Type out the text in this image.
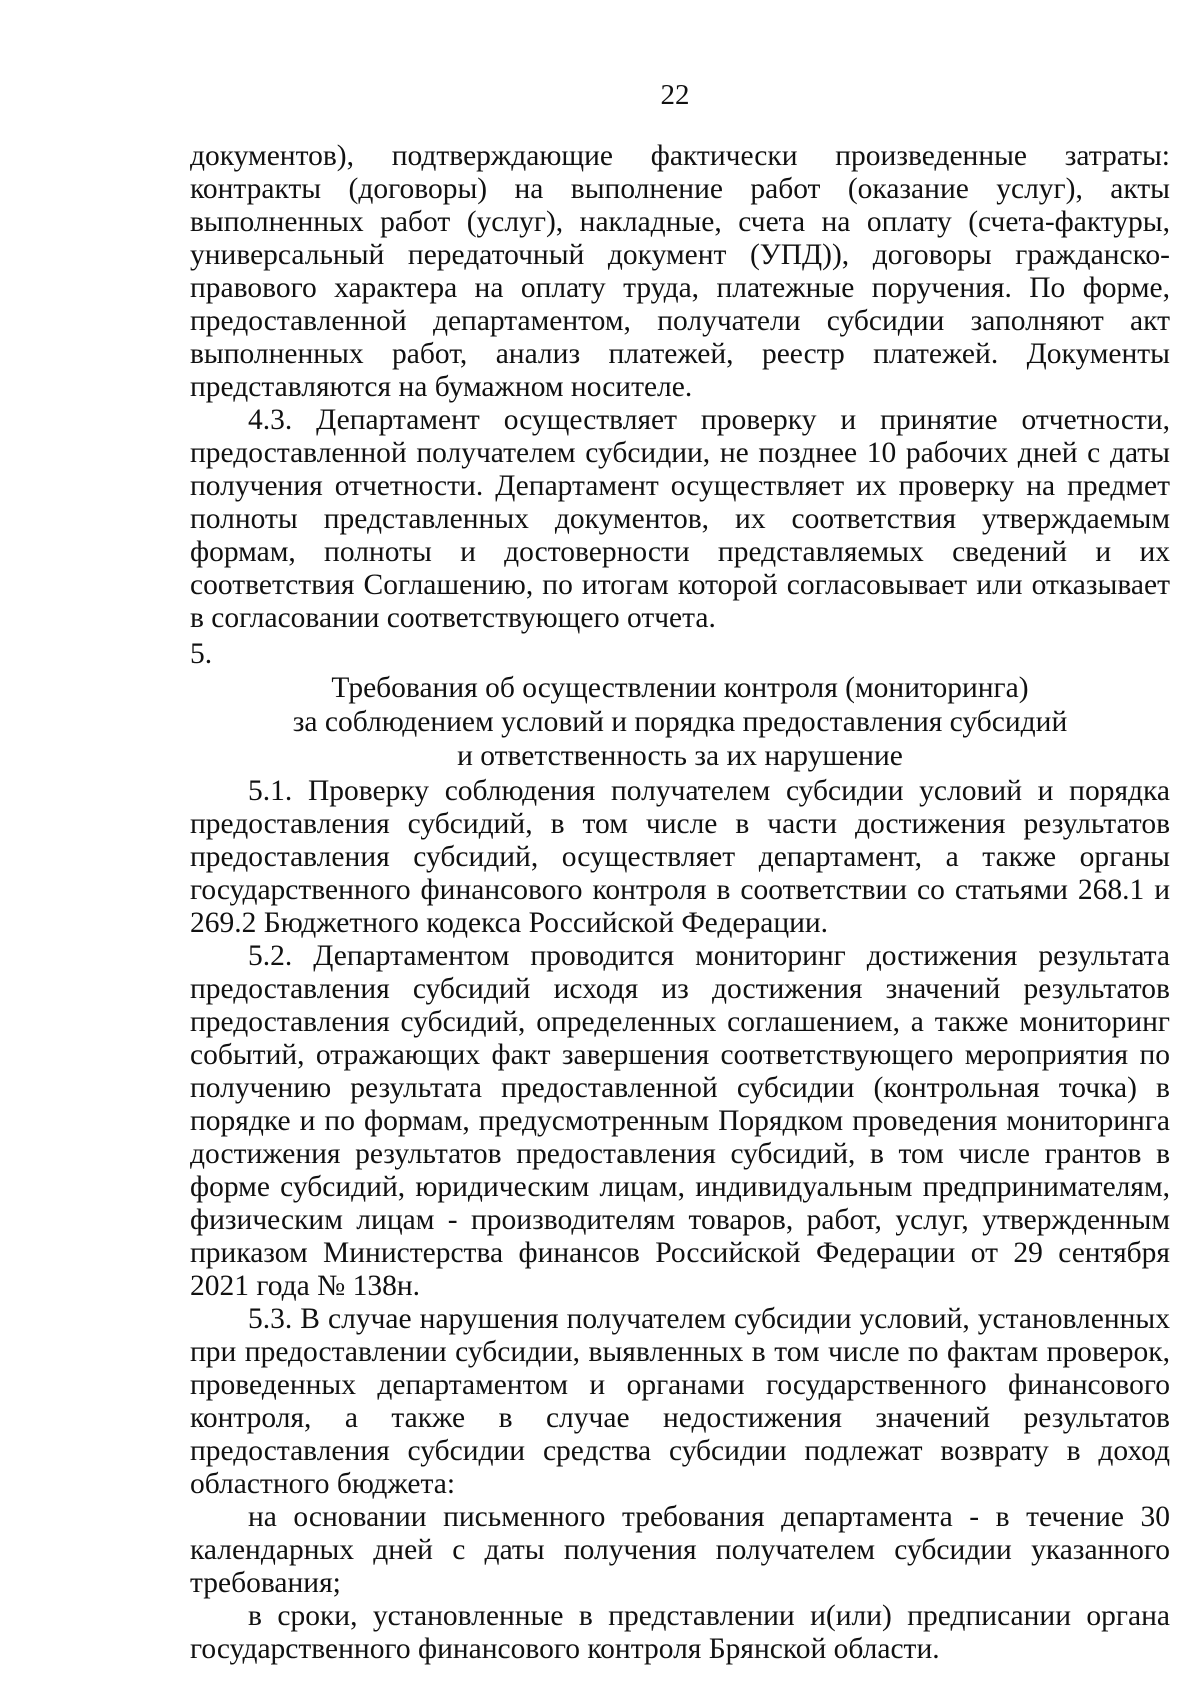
22

документов), подтверждающие фактически произведенные затраты: контракты (договоры) на выполнение работ (оказание услуг), акты выполненных работ (услуг), накладные, счета на оплату (счета-фактуры, универсальный передаточный документ (УПД)), договоры гражданско-правового характера на оплату труда, платежные поручения. По форме, предоставленной департаментом, получатели субсидии заполняют акт выполненных работ, анализ платежей, реестр платежей. Документы представляются на бумажном носителе.

4.3. Департамент осуществляет проверку и принятие отчетности, предоставленной получателем субсидии, не позднее 10 рабочих дней с даты получения отчетности. Департамент осуществляет их проверку на предмет полноты представленных документов, их соответствия утверждаемым формам, полноты и достоверности представляемых сведений и их соответствия Соглашению, по итогам которой согласовывает или отказывает в согласовании соответствующего отчета.

5.
Требования об осуществлении контроля (мониторинга)
за соблюдением условий и порядка предоставления субсидий
и ответственность за их нарушение

5.1. Проверку соблюдения получателем субсидии условий и порядка предоставления субсидий, в том числе в части достижения результатов предоставления субсидий, осуществляет департамент, а также органы государственного финансового контроля в соответствии со статьями 268.1 и 269.2 Бюджетного кодекса Российской Федерации.

5.2. Департаментом проводится мониторинг достижения результата предоставления субсидий исходя из достижения значений результатов предоставления субсидий, определенных соглашением, а также мониторинг событий, отражающих факт завершения соответствующего мероприятия по получению результата предоставленной субсидии (контрольная точка) в порядке и по формам, предусмотренным Порядком проведения мониторинга достижения результатов предоставления субсидий, в том числе грантов в форме субсидий, юридическим лицам, индивидуальным предпринимателям, физическим лицам - производителям товаров, работ, услуг, утвержденным приказом Министерства финансов Российской Федерации от 29 сентября 2021 года № 138н.

5.3. В случае нарушения получателем субсидии условий, установленных при предоставлении субсидии, выявленных в том числе по фактам проверок, проведенных департаментом и органами государственного финансового контроля, а также в случае недостижения значений результатов предоставления субсидии средства субсидии подлежат возврату в доход областного бюджета:

на основании письменного требования департамента - в течение 30 календарных дней с даты получения получателем субсидии указанного требования;

в сроки, установленные в представлении и(или) предписании органа государственного финансового контроля Брянской области.
